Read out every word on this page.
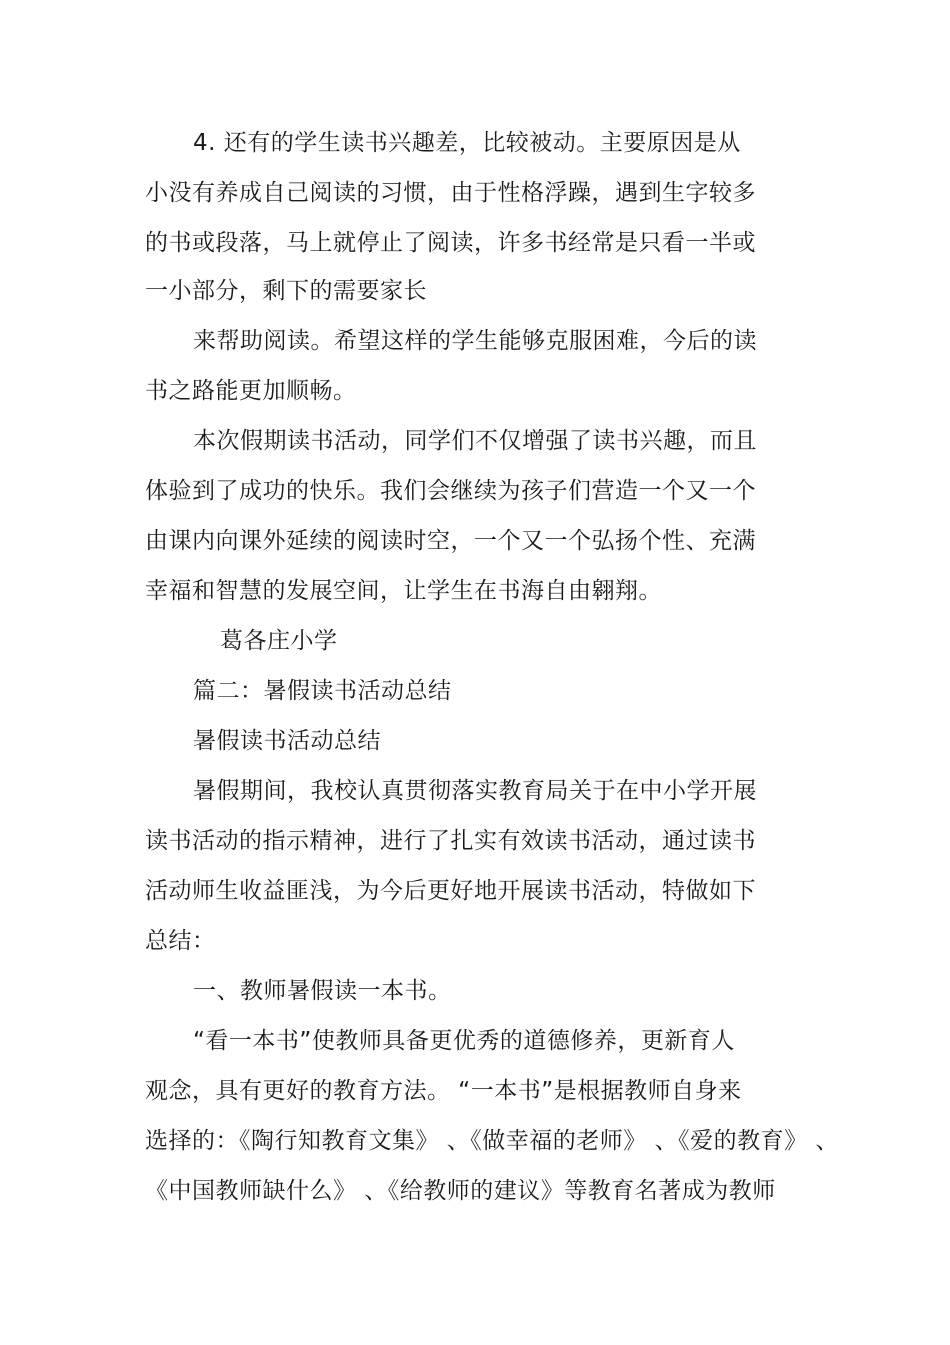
4. 还有的学生读书兴趣差，比较被动。主要原因是从
小没有养成自己阅读的习惯，由于性格浮躁，遇到生字较多
的书或段落，马上就停止了阅读，许多书经常是只看一半或
一小部分，剩下的需要家长
来帮助阅读。希望这样的学生能够克服困难，今后的读
书之路能更加顺畅。
本次假期读书活动，同学们不仅增强了读书兴趣，而且
体验到了成功的快乐。我们会继续为孩子们营造一个又一个
由课内向课外延续的阅读时空，一个又一个弘扬个性、充满
幸福和智慧的发展空间，让学生在书海自由翱翔。
葛各庄小学
篇二：暑假读书活动总结
暑假读书活动总结
暑假期间，我校认真贯彻落实教育局关于在中小学开展
读书活动的指示精神，进行了扎实有效读书活动，通过读书
活动师生收益匪浅，为今后更好地开展读书活动，特做如下
总结：
一、教师暑假读一本书。
“看一本书”使教师具备更优秀的道德修养，更新育人
观念，具有更好的教育方法。 “一本书”是根据教师自身来
选择的：《陶行知教育文集》 、《做幸福的老师》 、《爱的教育》 、
《中国教师缺什么》 、《给教师的建议》等教育名著成为教师
